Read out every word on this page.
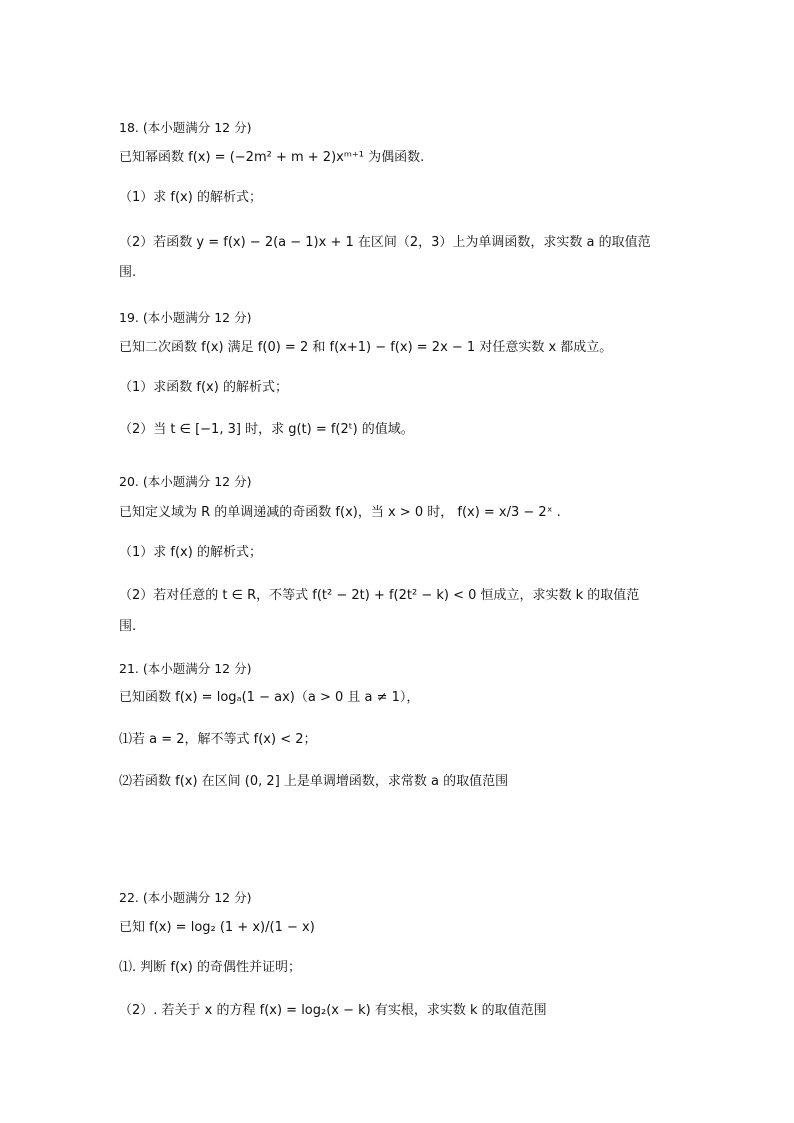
18. (本小题满分 12 分)
已知幂函数 f(x) = (−2m² + m + 2)xᵐ⁺¹ 为偶函数.
（1）求 f(x) 的解析式；
（2）若函数 y = f(x) − 2(a − 1)x + 1 在区间（2，3）上为单调函数，求实数 a 的取值范
围.
19. (本小题满分 12 分)
已知二次函数 f(x) 满足 f(0) = 2 和 f(x+1) − f(x) = 2x − 1 对任意实数 x 都成立。
（1）求函数 f(x) 的解析式；
（2）当 t ∈ [−1, 3] 时，求 g(t) = f(2ᵗ) 的值域。
20. (本小题满分 12 分)
已知定义域为 R 的单调递减的奇函数 f(x)，当 x > 0 时， f(x) = x/3 − 2ˣ .
（1）求 f(x) 的解析式；
（2）若对任意的 t ∈ R，不等式 f(t² − 2t) + f(2t² − k) < 0 恒成立，求实数 k 的取值范
围.
21. (本小题满分 12 分)
已知函数 f(x) = logₐ(1 − ax)（a > 0 且 a ≠ 1），
⑴若 a = 2，解不等式 f(x) < 2；
⑵若函数 f(x) 在区间 (0, 2] 上是单调增函数，求常数 a 的取值范围
22. (本小题满分 12 分)
已知 f(x) = log₂ (1 + x)/(1 − x)
⑴. 判断 f(x) 的奇偶性并证明；
（2）. 若关于 x 的方程 f(x) = log₂(x − k) 有实根，求实数 k 的取值范围
